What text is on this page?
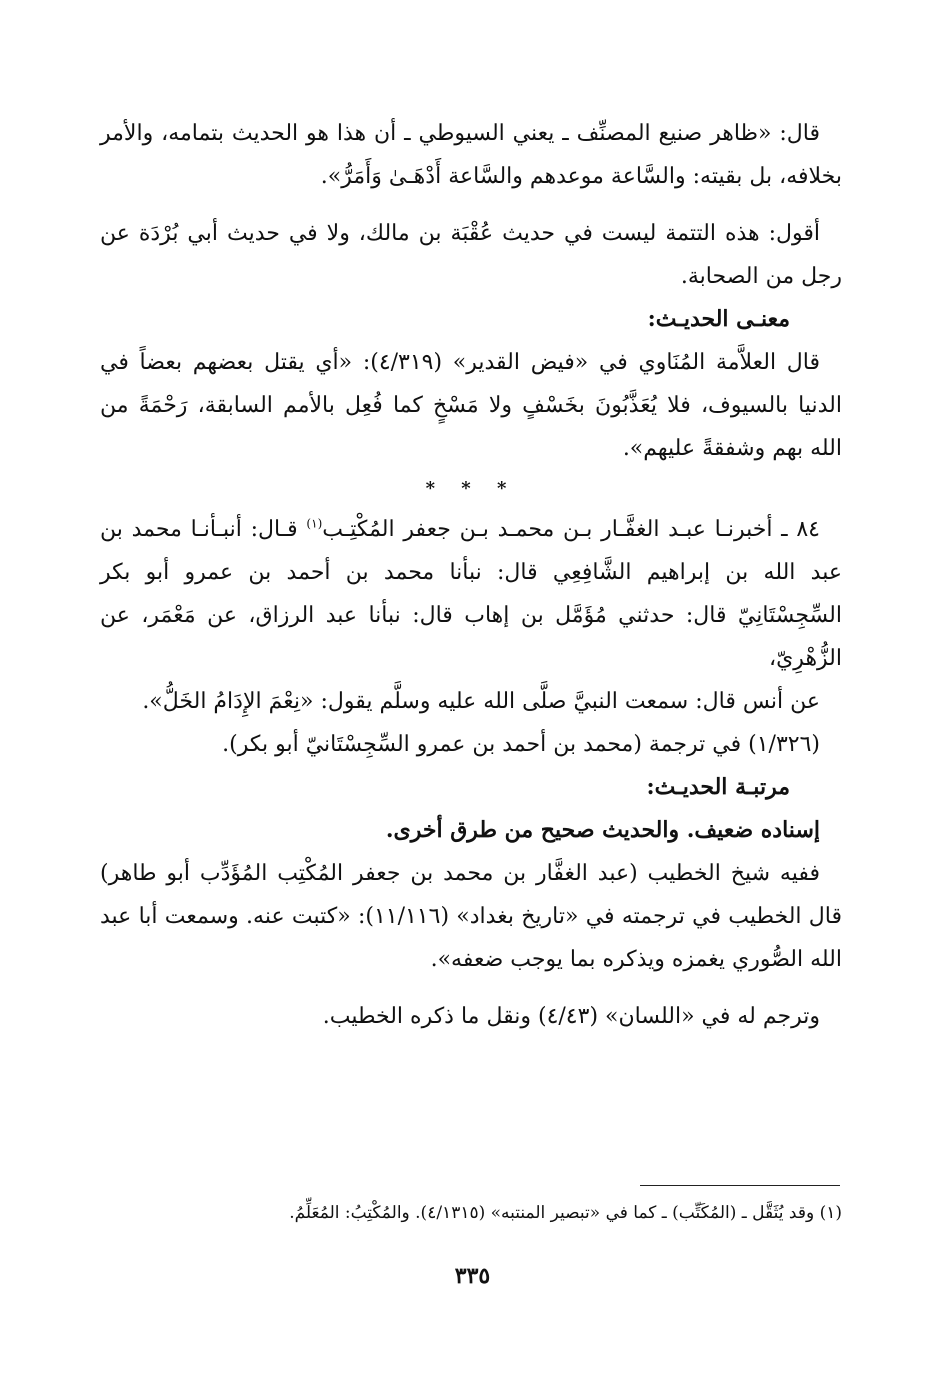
قال: «ظاهر صنيع المصنِّف ـ يعني السيوطي ـ أن هذا هو الحديث بتمامه، والأمر بخلافه، بل بقيته: والسَّاعة موعدهم والسَّاعة أَدْهَـىٰ وَأَمَرُّ».

أقول: هذه التتمة ليست في حديث عُقْبَة بن مالك، ولا في حديث أبي بُرْدَة عن رجل من الصحابة.

معنـى الحديـث:

قال العلاَّمة المُنَاوي في «فيض القدير» (٤/٣١٩): «أي يقتل بعضهم بعضاً في الدنيا بالسيوف، فلا يُعَذَّبُونَ بخَسْفٍ ولا مَسْخٍ كما فُعِل بالأمم السابقة، رَحْمَةً من الله بهم وشفقةً عليهم».

* * *

٨٤ ـ أخبرنـا عبـد الغفَّـار بـن محمـد بـن جعفر المُكْتِـب$^{(١)}$ قـال: أنبـأنـا محمد بن عبد الله بن إبراهيم الشَّافِعِي قال: نبأنا محمد بن أحمد بن عمرو أبو بكر السِّجِسْتَانِيّ قال: حدثني مُؤَمَّل بن إهاب قال: نبأنا عبد الرزاق، عن مَعْمَر، عن الزُّهْرِيّ،

عن أنس قال: سمعت النبيَّ صلَّى الله عليه وسلَّم يقول: «نِعْمَ الإِدَامُ الخَلُّ».

(١/٣٢٦) في ترجمة (محمد بن أحمد بن عمرو السِّجِسْتَانيّ أبو بكر).

مرتبـة الحديـث:

إسناده ضعيف. والحديث صحيح من طرق أخرى.

ففيه شيخ الخطيب (عبد الغفَّار بن محمد بن جعفر المُكْتِب المُؤَدِّب أبو طاهر) قال الخطيب في ترجمته في «تاريخ بغداد» (١١/١١٦): «كتبت عنه. وسمعت أبا عبد الله الصُّوري يغمزه ويذكره بما يوجب ضعفه».

وترجم له في «اللسان» (٤/٤٣) ونقل ما ذكره الخطيب.

(١) وقد يُثَقَّل ـ (المُكَتِّب) ـ كما في «تبصير المنتبه» (٤/١٣١٥). والمُكْتِبُ: المُعَلِّمُ.

٣٣٥
